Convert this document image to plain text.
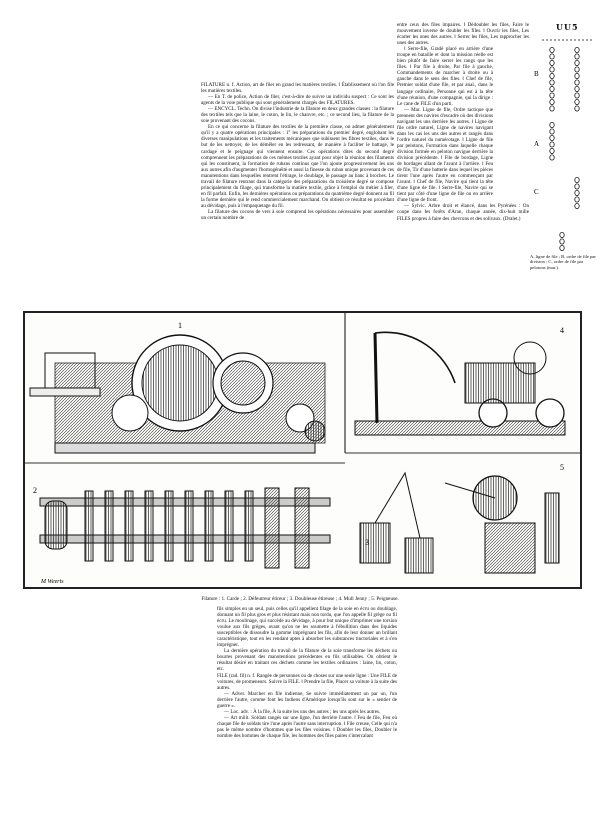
UU5

FILATURE n. f. Action, art de filer en grand les matières textiles. ‖ Établissement où l'on file les matières textiles.

— En T. de police, Action de filer, c'est-à-dire de suivre un individu suspect : Ce sont les agents de la voie publique qui sont généralement chargés des FILATURES.

— ENCYCL. Techn. On divise l'industrie de la filature en deux grandes classes : la filature des textiles tels que la laine, le coton, le lin, le chanvre, etc. ; ce second lieu, la filature de la soie provenant des cocons.

En ce qui concerne la filature des textiles de la première classe, on admet généralement qu'il y a quatre opérations principales : 1° les préparations du premier degré, englobant les diverses manipulations et les traitements mécaniques que subissent les fibres textiles, dans le but de les nettoyer, de les démêler en les redressant, de manière à faciliter le battage, le cardage et le peignage qui viennent ensuite. Ces opérations dites du second degré comprennent les préparations de ces mêmes textiles ayant pour objet la réunion des filaments qui les constituent, la formation de rubans continus que l'on ajoute progressivement les uns aux autres afin d'augmenter l'homogénéité et aussi la finesse du ruban unique provenant de ces manutentions dans lesquelles rentrent l'étirage, le doublage, le passage au banc à broches. Le travail de filature rentrant dans la catégorie des préparations du troisième degré se compose principalement du filage, qui transforme la matière textile, grâce à l'emploi du métier à filer, en fil parfait. Enfin, les dernières opérations ou préparations du quatrième degré donnent au fil la forme dernière qui le rend commercialement marchand. On obtient ce résultat en procédant au dévidage, puis à l'empaquetage du fil.

La filature des cocons de vers à soie comprend les opérations nécessaires pour assembler un certain nombre de

entre ceux des files impaires. ‖ Dédoubler les files, Faire le mouvement inverse de doubler les files. ‖ Ouvrir les files, Les écarter les unes des autres. ‖ Serrer les files, Les rapprocher les unes des autres.

‖ Serre-file, Gradé placé en arrière d'une troupe en bataille et dont la mission réelle est bien plutôt de faire serrer les rangs que les files. ‖ Par file à droite, Par file à gauche, Commandements de marcher à droite ou à gauche dans le sens des files. ‖ Chef de file, Premier soldat d'une file, et par anal., dans le langage ordinaire, Personne qui est à la tête d'une réunion, d'une compagnie, qui la dirige : Le cane de FILE d'un parti.

— Mar. Ligne de file, Ordre tactique que prennent des navires d'escadre où des divisions navigant les uns derrière les autres. ‖ Ligne de file ordre naturel, Ligne de navires navigant dans les cas les uns des autres et rangés dans l'ordre naturel du numérotage. ‖ Ligne de file par pelotons, Formation dans laquelle chaque division formée en peloton navigue derrière la division précédente. ‖ File de bordage, Ligne de bordages allant de l'avant à l'arrière. ‖ Feu de file, Tir d'une batterie dans lequel les pièces tirent l'une après l'autre en commençant par l'avant. ‖ Chef de file, Navire qui tient la tête d'une ligne de file. ‖ Serre-file, Navire qui se tient par côté d'une ligne de file ou en arrière d'une ligne de front.

— Sylvic. Arbre droit et élancé, dans les Pyrénées : On coupe dans les forêts d'Aran, chaque année, dix-huit mille FILES propres à faire des chevrons et des solivaux. (Dralet.)

B
A
C
A, ligne de file ; B, ordre de file par division ; C, ordre de file par pelotons (mar.).
1
2
M Weerts
4
3
5
Filature : 1. Carde ; 2. Défeutreur étireur ; 3. Doubleuse étireuse ; 4. Mull Jenny ; 5. Peigneuse.

fils simples en un seul, puis celles qu'il appellent filage de la soie en écru ou doublage, donnant un fil plus gros et plus résistant mais non tordu, que l'on appelle fil grège ou fil écru. Le moulinage, qui succède au dévidage, à pour but unique d'imprimer une torsion voulue aux fils grèges, avant qu'on ne les soumette à l'ébullition dans des liquides susceptibles de dissoudre la gomme imprégnant les fils, afin de leur donner un brillant caractéristique, tout en les rendant aptes à absorber les substances tinctoriales et à s'en imprégner.

La dernière opération du travail de la filature de la soie transforme les déchets ou bourres provenant des manutentions précédentes en fils utilisables. On obtient le résultat désiré en traitant ces déchets comme les textiles ordinaires : laine, lin, coton, etc.

FILE (rad. fil) n. f. Rangée de personnes ou de choses sur une seule ligne : Une FILE de voitures, de promeneurs. Suivre la FILE. ‖ Prendre la file, Placer sa voiture à la suite des autres.

— Adver. Marcher en file indienne, Se suivre immédiatement un par un, l'un derrière l'autre, comme font les Indiens d'Amérique lorsqu'ils sont sur le « sentier de guerre ».

— Loc. adv. : À la file, À la suite les uns des autres ; les uns après les autres.

— Art milit. Soldats rangés sur une ligne, l'un derrière l'autre. ‖ Feu de file, Feu où chaque file de soldats tire l'une après l'autre sans interruption. ‖ File creuse, Celle qui n'a pas le même nombre d'hommes que les files voisines. ‖ Doubler les files, Doubler le nombre des hommes de chaque file, les hommes des files paires s'intercalant
